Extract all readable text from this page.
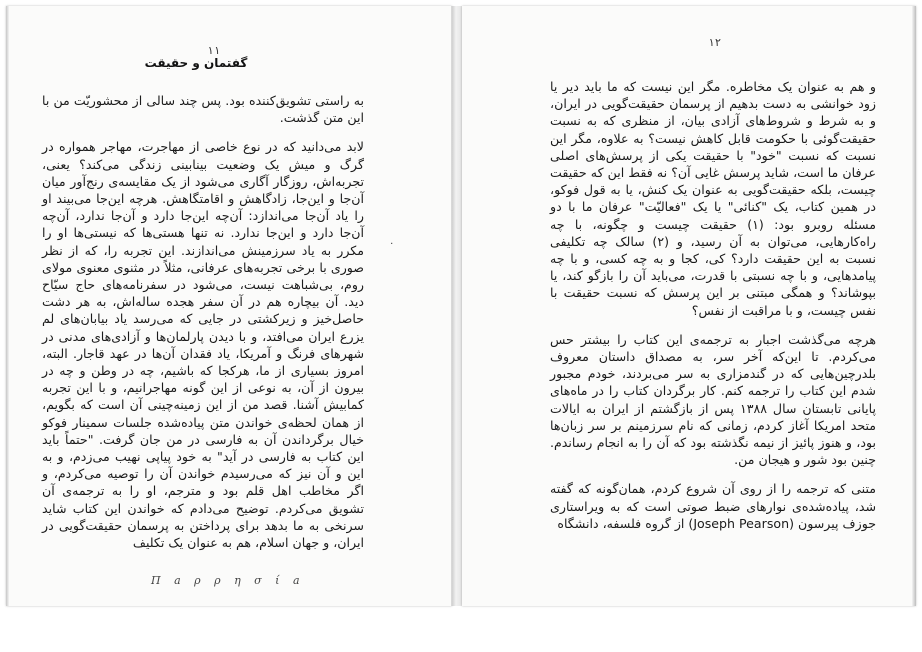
۱۱
گفتمان و حقیقت

به راستی تشویق‌کننده بود. پس چند سالی از محشوریّت من با این متن گذشت.

لابد می‌دانید که در نوع خاصی از مهاجرت، مهاجر همواره در گرگ و میش یک وضعیت بینابینی زندگی می‌کند؟ یعنی، تجربه‌اش، روزگار آگاری می‌شود از یک مقایسه‌ی رنج‌آور میان آن‌جا و این‌جا، زادگاهش و اقامتگاهش. هرچه این‌جا می‌بیند او را یاد آن‌جا می‌اندازد: آن‌چه این‌جا دارد و آن‌جا ندارد، آن‌چه آن‌جا دارد و این‌جا ندارد. نه تنها هستی‌ها که نیستی‌ها او را مکرر به یاد سرزمینش می‌اندازند. این تجربه را، که از نظر صوری با برخی تجربه‌های عرفانی، مثلاً در مثنوی معنوی مولای روم، بی‌شباهت نیست، می‌شود در سفرنامه‌های حاج سیّاح دید. آن بیچاره هم در آن سفر هجده ساله‌اش، به هر دشت حاصل‌خیز و زیرکشتی در جایی که می‌رسد یاد بیابان‌های لم یزرع ایران می‌افتد، و با دیدن پارلمان‌ها و آزادی‌های مدنی در شهرهای فرنگ و آمریکا، یاد فقدان آن‌ها در عهد قاجار. البته، امروز بسیاری از ما، هرکجا که باشیم، چه در وطن و چه در بیرون از آن، به نوعی از این گونه مهاجرانیم، و با این تجربه کمابیش آشنا. قصد من از این زمینه‌چینی آن است که بگویم، از همان لحظه‌ی خواندن متن پیاده‌شده جلسات سمینار فوکو خیال برگرداندن آن به فارسی در من جان گرفت. "حتماً باید این کتاب به فارسی در آید" به خود پیاپی نهیب می‌زدم، و به این و آن نیز که می‌رسیدم خواندن آن را توصیه می‌کردم، و اگر مخاطب اهل قلم بود و مترجم، او را به ترجمه‌ی آن تشویق می‌کردم. توضیح می‌دادم که خواندن این کتاب شاید سرنخی به ما بدهد برای پرداختن به پرسمان حقیقت‌گویی در ایران، و جهان اسلام، هم به عنوان یک تکلیف

۰
Π a ρ ρ η σ ί a
۱۲

و هم به عنوان یک مخاطره. مگر این نیست که ما باید دیر یا زود خوانشی به دست بدهیم از پرسمان حقیقت‌گویی در ایران، و به شرط و شروط‌های آزادی بیان، از منظری که به نسبت حقیقت‌گوئی با حکومت قابل کاهش نیست؟ به علاوه، مگر این نسبت که نسبت "خود" با حقیقت یکی از پرسش‌های اصلی عرفان ما است، شاید پرسش غایی آن؟ نه فقط این که حقیقت چیست، بلکه حقیقت‌گویی به عنوان یک کنش، یا به قول فوکو، در همین کتاب، یک "کنائی" یا یک "فعالیّت" عرفان ما با دو مسئله روبرو بود: (۱) حقیقت چیست و چگونه، با چه راه‌کارهایی، می‌توان به آن رسید، و (۲) سالک چه تکلیفی نسبت به این حقیقت دارد؟ کی، کجا و به چه کسی، و با چه پیامدهایی، و با چه نسبتی با قدرت، می‌باید آن را بازگو کند، یا بپوشاند؟ و همگی مبتنی بر این پرسش که نسبت حقیقت با نفس چیست، و با مراقبت از نفس؟

هرچه می‌گذشت اجبار به ترجمه‌ی این کتاب را بیشتر حس می‌کردم. تا این‌که آخر سر، به مصداق داستان معروف بلدرچین‌هایی که در گندمزاری به سر می‌بردند، خودم مجبور شدم این کتاب را ترجمه کنم. کار برگردان کتاب را در ماه‌های پایانی تابستان سال ۱۳۸۸ پس از بازگشتم از ایران به ایالات متحد امریکا آغاز کردم، زمانی که نام سرزمینم بر سر زبان‌ها بود، و هنوز پائیز از نیمه نگذشته بود که آن را به انجام رساندم. چنین بود شور و هیجان من.

متنی که ترجمه را از روی آن شروع کردم، همان‌گونه که گفته شد، پیاده‌شده‌ی نوارهای ضبط صوتی است که به ویراستاری جوزف پیرسون (Joseph Pearson) از گروه فلسفه، دانشگاه
